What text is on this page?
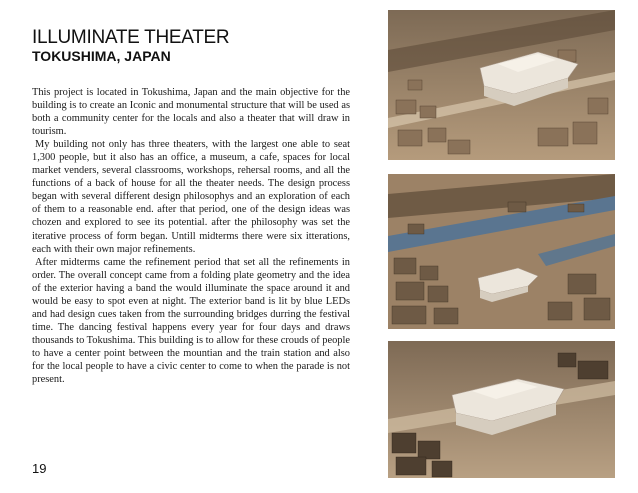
ILLUMINATE THEATER
TOKUSHIMA, JAPAN

This project is located in Tokushima, Japan and the main objective for the building is to create an Iconic and monumental structure that will be used as both a community center for the locals and also a theater that will draw in tourism.

My building not only has three theaters, with the largest one able to seat 1,300 people, but it also has an office, a museum, a cafe, spaces for local market venders, several classrooms, workshops, rehersal rooms, and all the functions of a back of house for all the theater needs. The design process began with several different design philosophys and an exploration of each of them to a reasonable end. after that period, one of the design ideas was chozen and explored to see its potential. after the philosophy was set the iterative process of form began. Untill midterms there were six itterations, each with their own major refinements.

After midterms came the refinement period that set all the refinements in order. The overall concept came from a folding plate geometry and the idea of the exterior having a band the would illuminate the space around it and would be easy to spot even at night. The exterior band is lit by blue LEDs and had design cues taken from the surrounding bridges durring the festival time. The dancing festival happens every year for four days and draws thousands to Tokushima. This building is to allow for these crouds of people to have a center point between the mountian and the train station and also for the local people to have a civic center to come to when the parade is not present.

19
